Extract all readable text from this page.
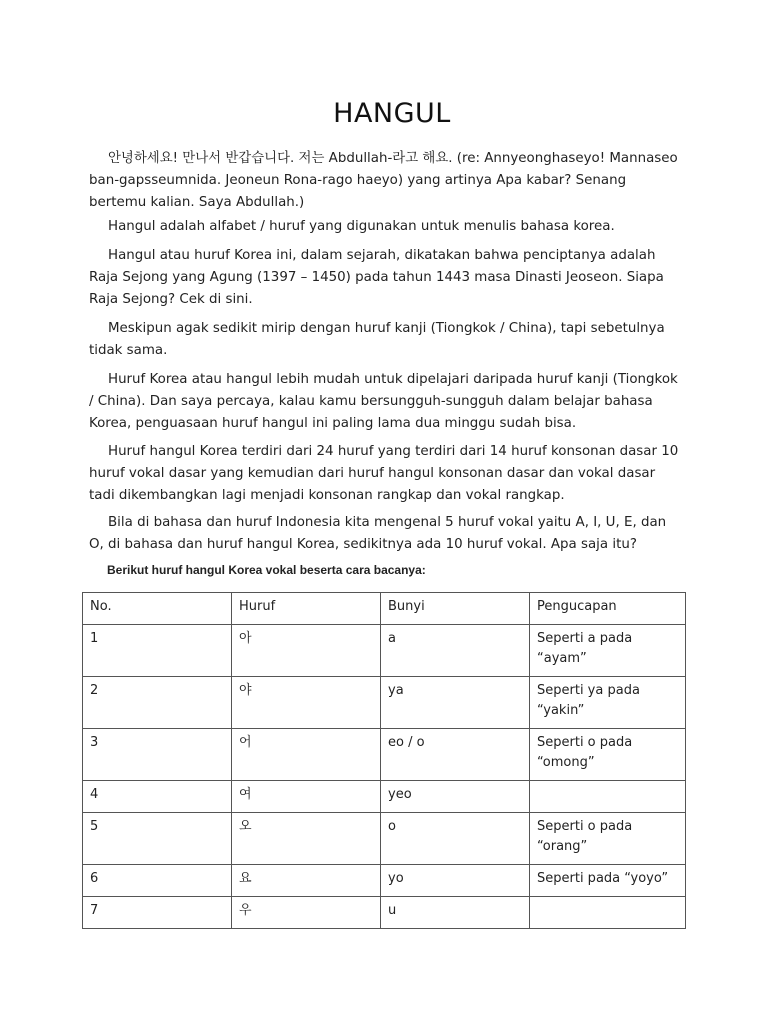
HANGUL

안녕하세요! 만나서 반갑습니다. 저는 Abdullah-라고 해요. (re: Annyeonghaseyo! Mannaseo ban-gapsseumnida. Jeoneun Rona-rago haeyo) yang artinya Apa kabar? Senang bertemu kalian. Saya Abdullah.)

Hangul adalah alfabet / huruf yang digunakan untuk menulis bahasa korea.

Hangul atau huruf Korea ini, dalam sejarah, dikatakan bahwa penciptanya adalah Raja Sejong yang Agung (1397 – 1450) pada tahun 1443 masa Dinasti Jeoseon. Siapa Raja Sejong? Cek di sini.

Meskipun agak sedikit mirip dengan huruf kanji (Tiongkok / China), tapi sebetulnya tidak sama.

Huruf Korea atau hangul lebih mudah untuk dipelajari daripada huruf kanji (Tiongkok / China). Dan saya percaya, kalau kamu bersungguh-sungguh dalam belajar bahasa Korea, penguasaan huruf hangul ini paling lama dua minggu sudah bisa.

Huruf hangul Korea terdiri dari 24 huruf yang terdiri dari 14 huruf konsonan dasar 10 huruf vokal dasar yang kemudian dari huruf hangul konsonan dasar dan vokal dasar tadi dikembangkan lagi menjadi konsonan rangkap dan vokal rangkap.

Bila di bahasa dan huruf Indonesia kita mengenal 5 huruf vokal yaitu A, I, U, E, dan O, di bahasa dan huruf hangul Korea, sedikitnya ada 10 huruf vokal. Apa saja itu?

Berikut huruf hangul Korea vokal beserta cara bacanya:
No.	Huruf	Bunyi	Pengucapan
1	아	a	Seperti a pada “ayam”
2	야	ya	Seperti ya pada “yakin”
3	어	eo / o	Seperti o pada “omong”
4	여	yeo	
5	오	o	Seperti o pada “orang”
6	요	yo	Seperti pada “yoyo”
7	우	u	
